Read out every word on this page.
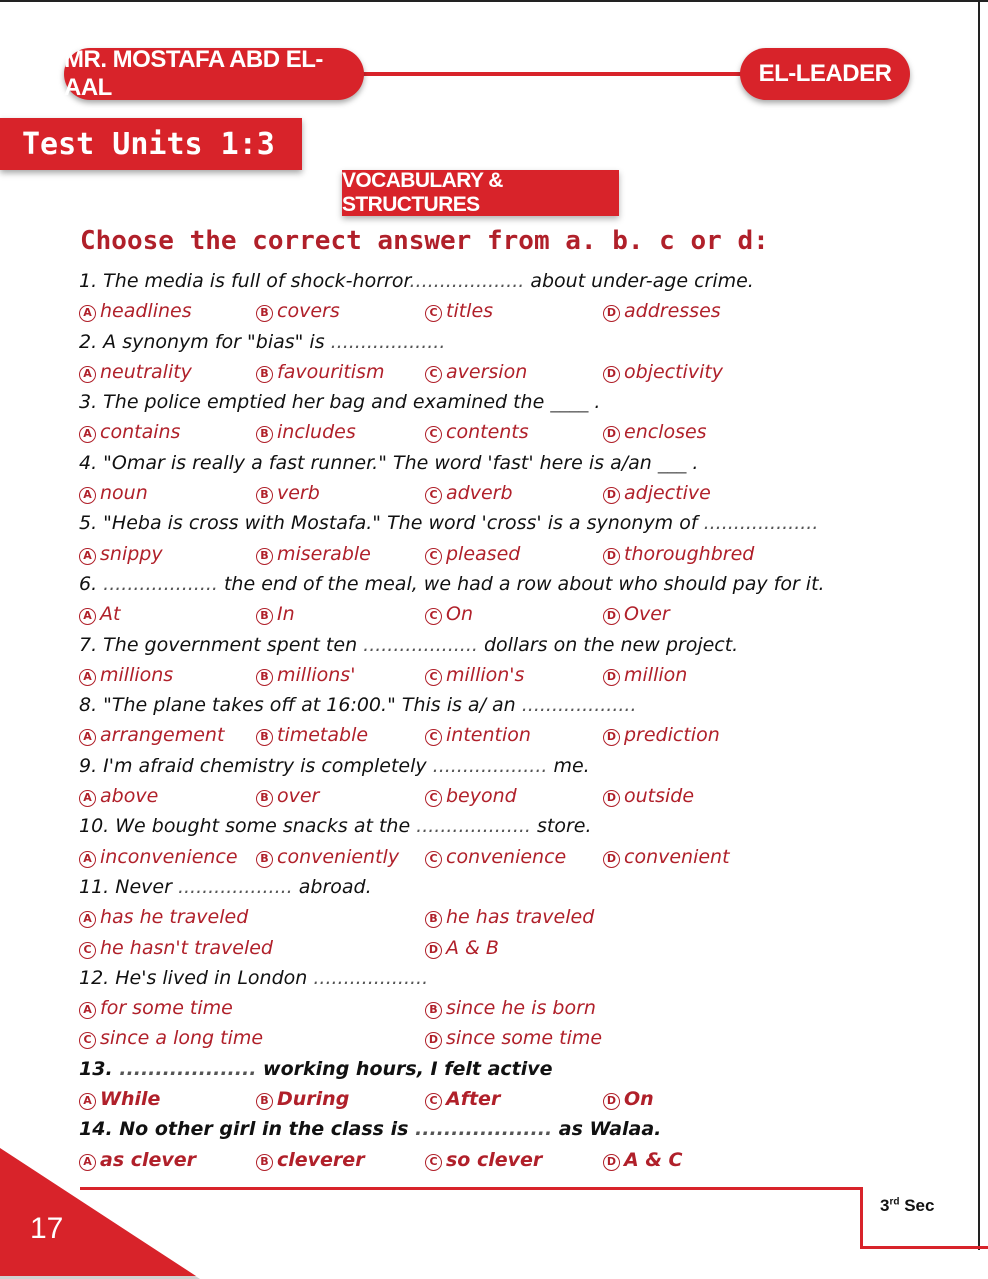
MR. MOSTAFA ABD EL-AAL
EL-LEADER
Test Units 1:3
VOCABULARY & STRUCTURES
Choose the correct answer from a. b. c or d:
1. The media is full of shock-horror................... about under-age crime.
A headlines	B covers	C titles	D addresses
2. A synonym for "bias" is ...................
A neutrality	B favouritism	C aversion	D objectivity
3. The police emptied her bag and examined the ____ .
A contains	B includes	C contents	D encloses
4. "Omar is really a fast runner." The word 'fast' here is a/an ___ .
A noun	B verb	C adverb	D adjective
5. "Heba is cross with Mostafa." The word 'cross' is a synonym of ...................
A snippy	B miserable	C pleased	D thoroughbred
6. ................... the end of the meal, we had a row about who should pay for it.
A At	B In	C On	D Over
7. The government spent ten ................... dollars on the new project.
A millions	B millions'	C million's	D million
8. "The plane takes off at 16:00." This is a/ an ...................
A arrangement	B timetable	C intention	D prediction
9. I'm afraid chemistry is completely ................... me.
A above	B over	C beyond	D outside
10. We bought some snacks at the ................... store.
A inconvenience	B conveniently	C convenience	D convenient
11. Never ................... abroad.
A has he traveled	B he has traveled
C he hasn't traveled	D A & B
12. He's lived in London ...................
A for some time	B since he is born
C since a long time	D since some time
13. ................... working hours, I felt active
A While	B During	C After	D On
14. No other girl in the class is ................... as Walaa.
A as clever	B cleverer	C so clever	D A & C
17
3rd Sec
